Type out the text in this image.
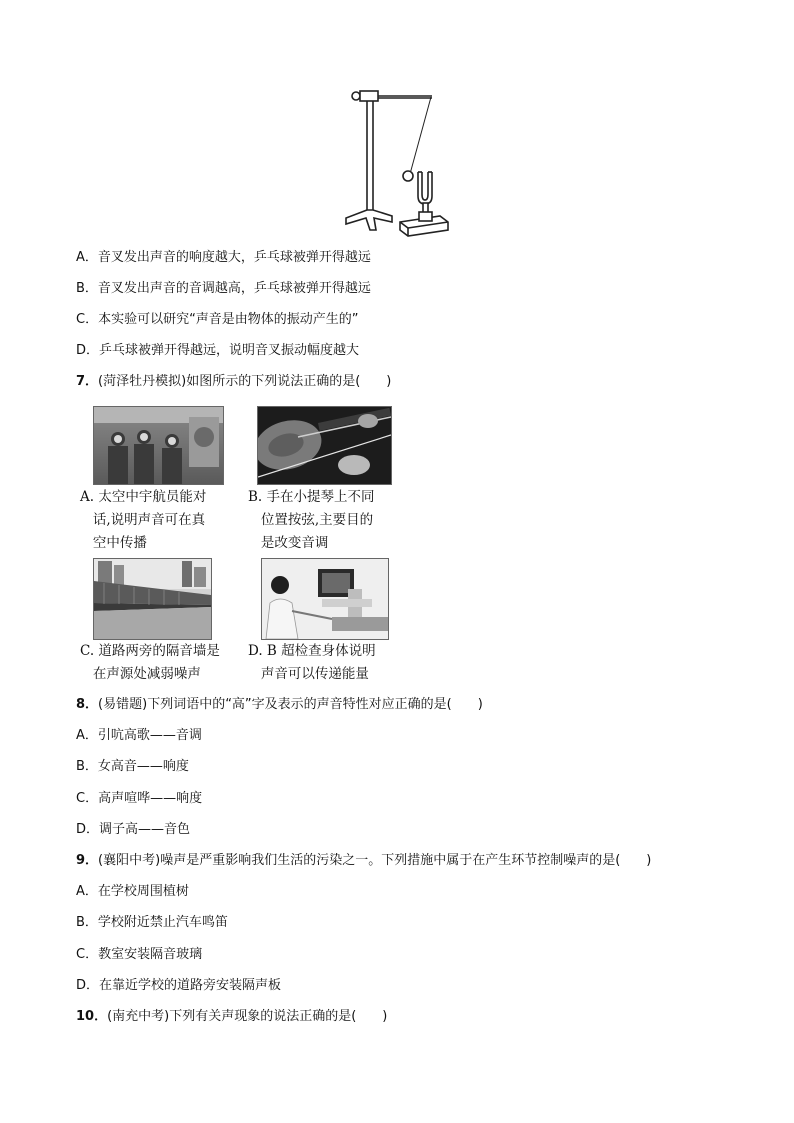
A．音叉发出声音的响度越大，乒乓球被弹开得越远
B．音叉发出声音的音调越高，乒乓球被弹开得越远
C．本实验可以研究“声音是由物体的振动产生的”
D．乒乓球被弹开得越远，说明音叉振动幅度越大
7．(菏泽牡丹模拟)如图所示的下列说法正确的是(　　)
A. 太空中宇航员能对
话,说明声音可在真
空中传播
B. 手在小提琴上不同
位置按弦,主要目的
是改变音调
C. 道路两旁的隔音墙是
在声源处减弱噪声
D. B 超检查身体说明
声音可以传递能量
8．(易错题)下列词语中的“高”字及表示的声音特性对应正确的是(　　)
A．引吭高歌——音调
B．女高音——响度
C．高声喧哗——响度
D．调子高——音色
9．(襄阳中考)噪声是严重影响我们生活的污染之一。下列措施中属于在产生环节控制噪声的是(　　)
A．在学校周围植树
B．学校附近禁止汽车鸣笛
C．教室安装隔音玻璃
D．在靠近学校的道路旁安装隔声板
10．(南充中考)下列有关声现象的说法正确的是(　　)
